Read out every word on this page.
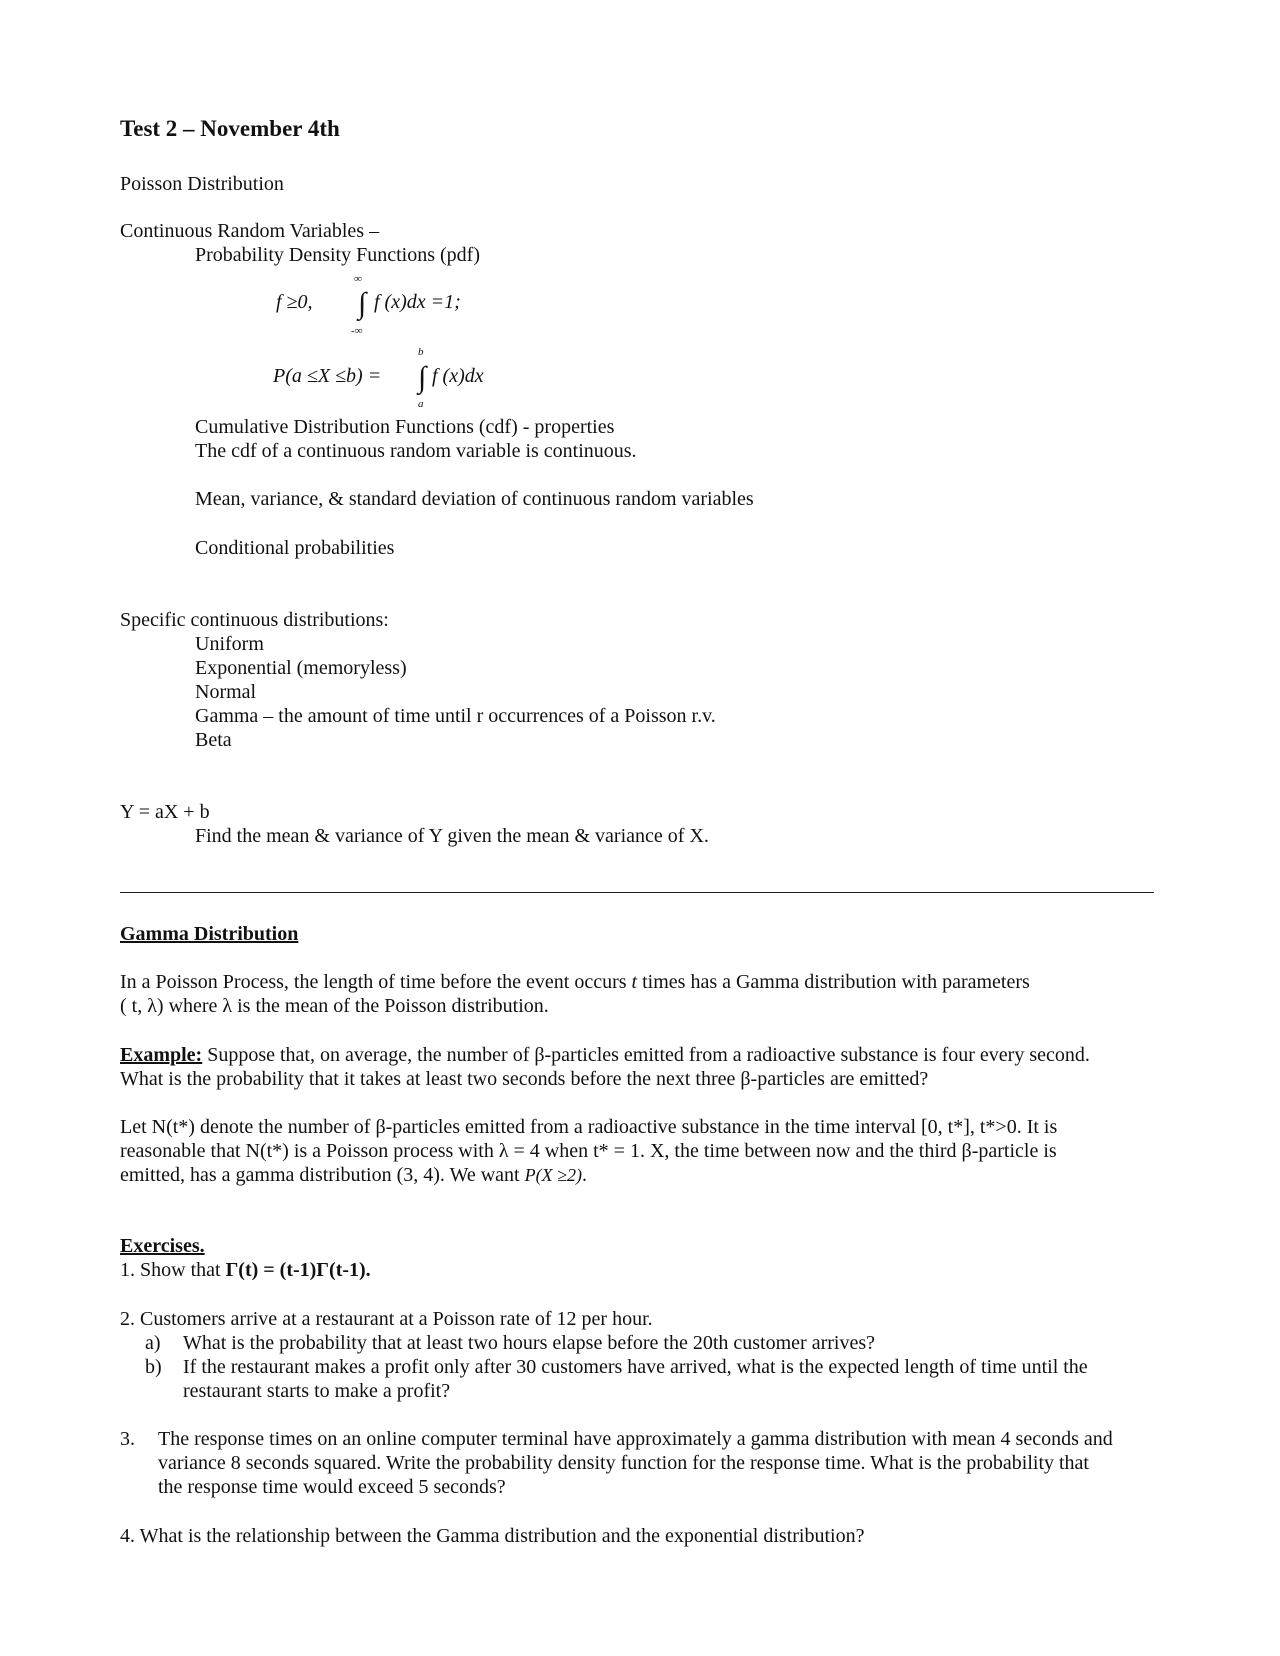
Test 2 – November 4th
Poisson Distribution
Continuous Random Variables –
Probability Density Functions (pdf)
f ≥0,
∞
∫ f (x)dx =1;
-∞
b
P(a ≤X ≤b) = ∫ f (x)dx
a
Cumulative Distribution Functions (cdf) - properties
The cdf of a continuous random variable is continuous.
Mean, variance, & standard deviation of continuous random variables
Conditional probabilities
Specific continuous distributions:
Uniform
Exponential (memoryless)
Normal
Gamma – the amount of time until r occurrences of a Poisson r.v.
Beta
Y = aX + b
Find the mean & variance of Y given the mean & variance of X.
Gamma Distribution
In a Poisson Process, the length of time before the event occurs t times has a Gamma distribution with parameters
( t, λ) where λ is the mean of the Poisson distribution.
Example: Suppose that, on average, the number of β-particles emitted from a radioactive substance is four every second.
What is the probability that it takes at least two seconds before the next three β-particles are emitted?
Let N(t*) denote the number of β-particles emitted from a radioactive substance in the time interval [0, t*], t*>0. It is
reasonable that N(t*) is a Poisson process with λ = 4 when t* = 1. X, the time between now and the third β-particle is
emitted, has a gamma distribution (3, 4). We want P(X ≥2).
Exercises.
1. Show that Γ(t) = (t-1)Γ(t-1).
2. Customers arrive at a restaurant at a Poisson rate of 12 per hour.
a) What is the probability that at least two hours elapse before the 20th customer arrives?
b) If the restaurant makes a profit only after 30 customers have arrived, what is the expected length of time until the
restaurant starts to make a profit?
3. The response times on an online computer terminal have approximately a gamma distribution with mean 4 seconds and
variance 8 seconds squared. Write the probability density function for the response time. What is the probability that
the response time would exceed 5 seconds?
4. What is the relationship between the Gamma distribution and the exponential distribution?
